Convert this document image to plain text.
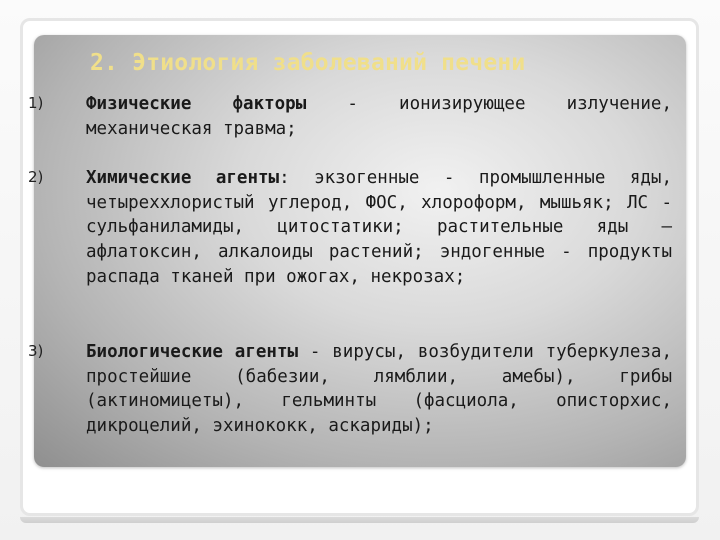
2. Этиология заболеваний печени
1)	Физические факторы - ионизирующее излучение, механическая травма;
2)	Химические агенты: экзогенные - промышленные яды, четыреххлористый углерод, ФОС, хлороформ, мышьяк; ЛС - сульфаниламиды, цитостатики; растительные яды — афлатоксин, алкалоиды растений; эндогенные - продукты распада тканей при ожогах, некрозах;
3)	Биологические агенты - вирусы, возбудители туберкулеза, простейшие (бабезии, лямблии, амебы), грибы (актиномицеты), гельминты (фасциола, описторхис, дикроцелий, эхинококк, аскариды);
